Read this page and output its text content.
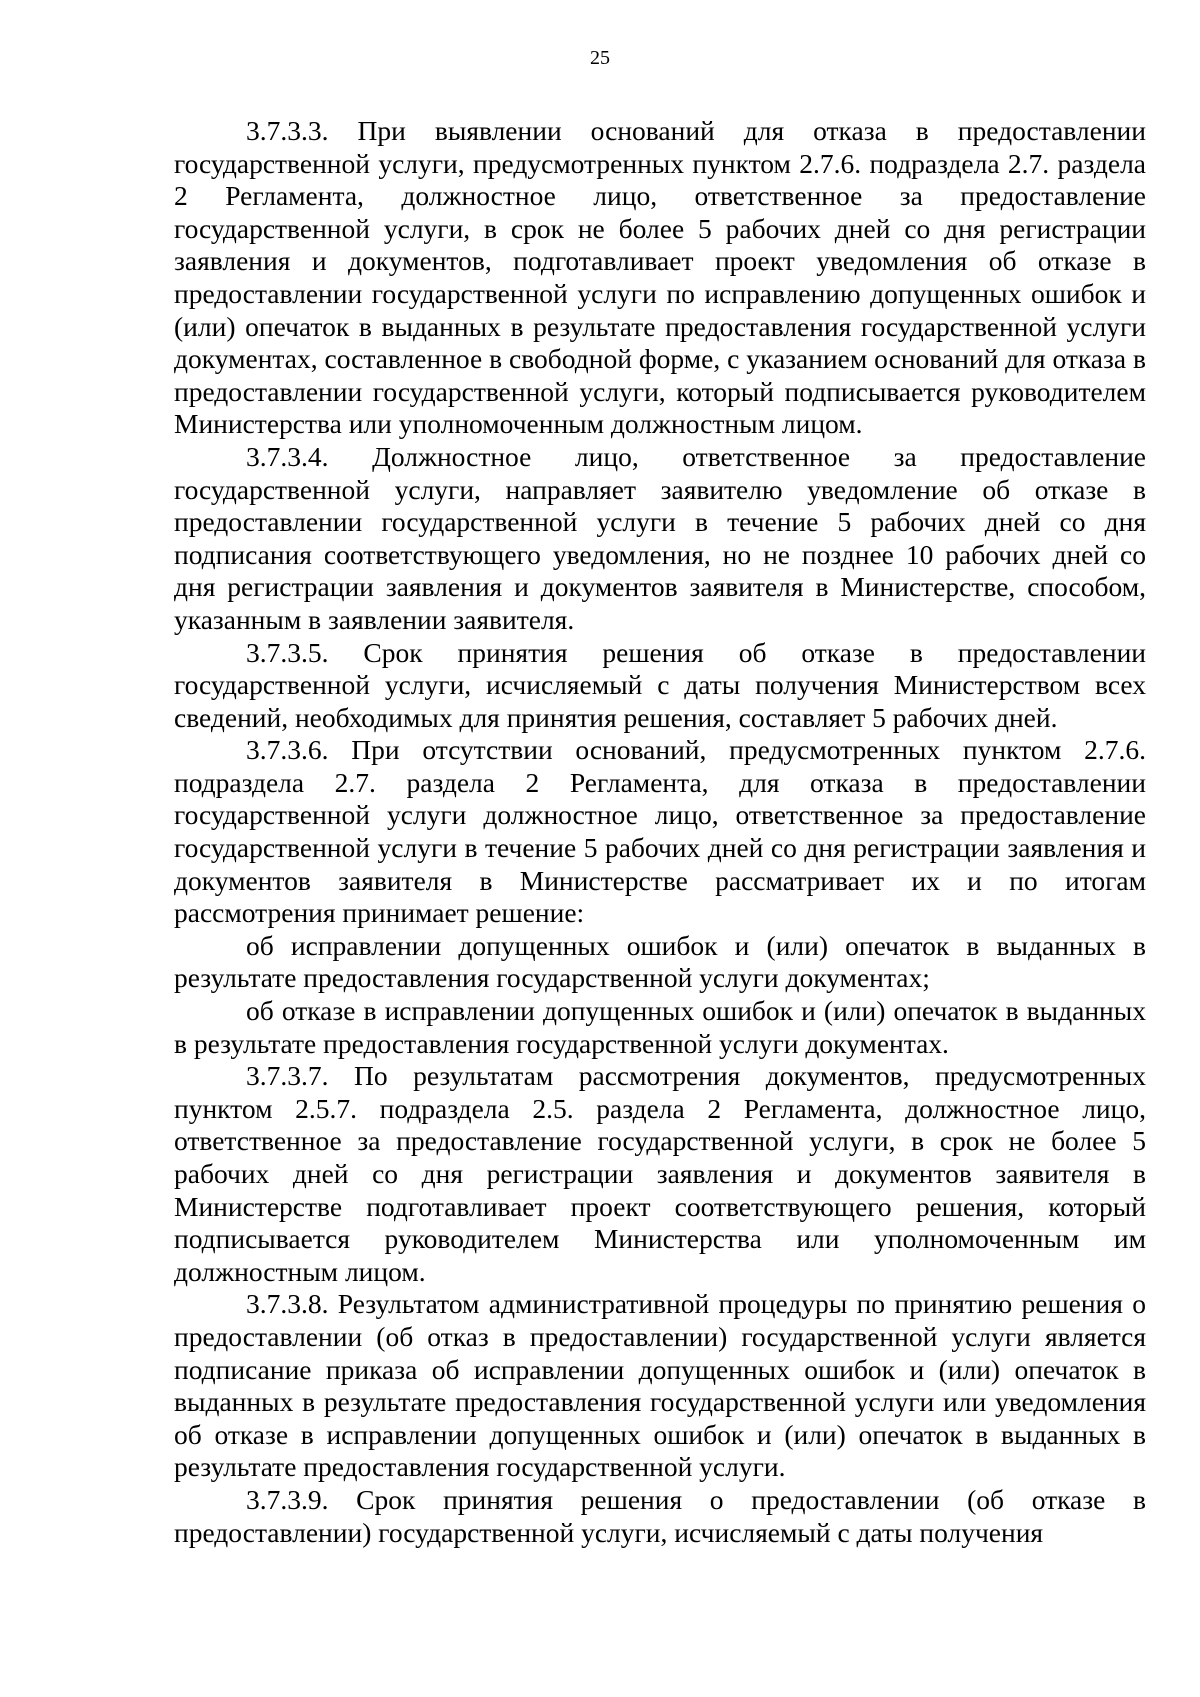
25

3.7.3.3. При выявлении оснований для отказа в предоставлении государственной услуги, предусмотренных пунктом 2.7.6. подраздела 2.7. раздела 2 Регламента, должностное лицо, ответственное за предоставление государственной услуги, в срок не более 5 рабочих дней со дня регистрации заявления и документов, подготавливает проект уведомления об отказе в предоставлении государственной услуги по исправлению допущенных ошибок и (или) опечаток в выданных в результате предоставления государственной услуги документах, составленное в свободной форме, с указанием оснований для отказа в предоставлении государственной услуги, который подписывается руководителем Министерства или уполномоченным должностным лицом.

3.7.3.4. Должностное лицо, ответственное за предоставление государственной услуги, направляет заявителю уведомление об отказе в предоставлении государственной услуги в течение 5 рабочих дней со дня подписания соответствующего уведомления, но не позднее 10 рабочих дней со дня регистрации заявления и документов заявителя в Министерстве, способом, указанным в заявлении заявителя.

3.7.3.5. Срок принятия решения об отказе в предоставлении государственной услуги, исчисляемый с даты получения Министерством всех сведений, необходимых для принятия решения, составляет 5 рабочих дней.

3.7.3.6. При отсутствии оснований, предусмотренных пунктом 2.7.6. подраздела 2.7. раздела 2 Регламента, для отказа в предоставлении государственной услуги должностное лицо, ответственное за предоставление государственной услуги в течение 5 рабочих дней со дня регистрации заявления и документов заявителя в Министерстве рассматривает их и по итогам рассмотрения принимает решение:

об исправлении допущенных ошибок и (или) опечаток в выданных в результате предоставления государственной услуги документах;

об отказе в исправлении допущенных ошибок и (или) опечаток в выданных в результате предоставления государственной услуги документах.

3.7.3.7. По результатам рассмотрения документов, предусмотренных пунктом 2.5.7. подраздела 2.5. раздела 2 Регламента, должностное лицо, ответственное за предоставление государственной услуги, в срок не более 5 рабочих дней со дня регистрации заявления и документов заявителя в Министерстве подготавливает проект соответствующего решения, который подписывается руководителем Министерства или уполномоченным им должностным лицом.

3.7.3.8. Результатом административной процедуры по принятию решения о предоставлении (об отказ в предоставлении) государственной услуги является подписание приказа об исправлении допущенных ошибок и (или) опечаток в выданных в результате предоставления государственной услуги или уведомления об отказе в исправлении допущенных ошибок и (или) опечаток в выданных в результате предоставления государственной услуги.

3.7.3.9. Срок принятия решения о предоставлении (об отказе в предоставлении) государственной услуги, исчисляемый с даты получения
